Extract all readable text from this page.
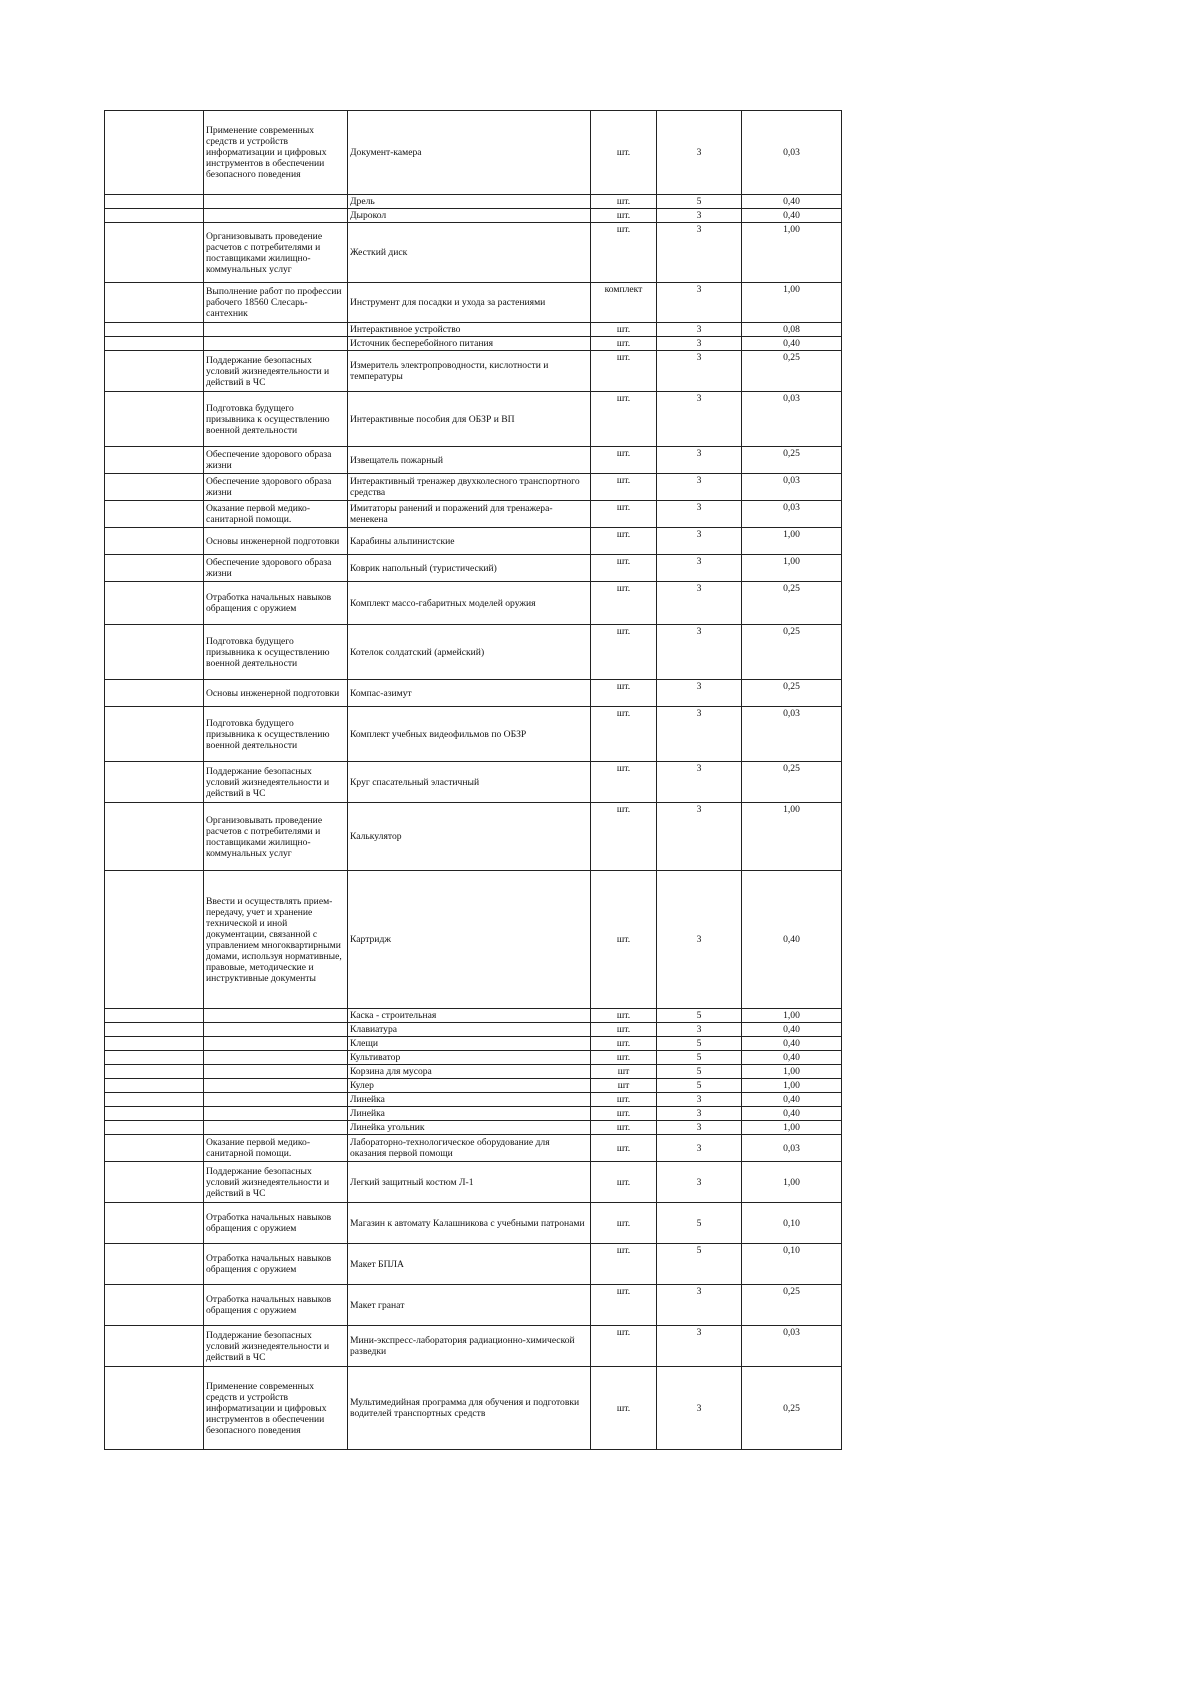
	Применение современных средств и устройств информатизации и цифровых инструментов в обеспечении безопасного поведения	Документ-камера	шт.	3	0,03
		Дрель	шт.	5	0,40
		Дырокол	шт.	3	0,40
	Организовывать проведение расчетов с потребителями и поставщиками жилищно-коммунальных услуг	Жесткий диск	шт.	3	1,00
	Выполнение работ по профессии рабочего 18560 Слесарь-сантехник	Инструмент для посадки и ухода за растениями	комплект	3	1,00
		Интерактивное устройство	шт.	3	0,08
		Источник бесперебойного питания	шт.	3	0,40
	Поддержание безопасных условий жизнедеятельности и действий в ЧС	Измеритель электропроводности, кислотности и температуры	шт.	3	0,25
	Подготовка будущего призывника к осуществлению военной деятельности	Интерактивные пособия для ОБЗР и ВП	шт.	3	0,03
	Обеспечение здорового образа жизни	Извещатель пожарный	шт.	3	0,25
	Обеспечение здорового образа жизни	Интерактивный тренажер двухколесного транспортного средства	шт.	3	0,03
	Оказание первой медико-санитарной помощи.	Имитаторы ранений и поражений для тренажера-менекена	шт.	3	0,03
	Основы инженерной подготовки	Карабины альпинистские	шт.	3	1,00
	Обеспечение здорового образа жизни	Коврик напольный (туристический)	шт.	3	1,00
	Отработка начальных навыков обращения с оружием	Комплект массо-габаритных моделей оружия	шт.	3	0,25
	Подготовка будущего призывника к осуществлению военной деятельности	Котелок солдатский (армейский)	шт.	3	0,25
	Основы инженерной подготовки	Компас-азимут	шт.	3	0,25
	Подготовка будущего призывника к осуществлению военной деятельности	Комплект учебных видеофильмов по ОБЗР	шт.	3	0,03
	Поддержание безопасных условий жизнедеятельности и действий в ЧС	Круг спасательный эластичный	шт.	3	0,25
	Организовывать проведение расчетов с потребителями и поставщиками жилищно-коммунальных услуг	Калькулятор	шт.	3	1,00
	Ввести и осуществлять прием-передачу, учет и хранение технической и иной документации, связанной с управлением многоквартирными домами, используя нормативные, правовые, методические и инструктивные документы	Картридж	шт.	3	0,40
		Каска - строительная	шт.	5	1,00
		Клавиатура	шт.	3	0,40
		Клещи	шт.	5	0,40
		Культиватор	шт.	5	0,40
		Корзина для мусора	шт	5	1,00
		Кулер	шт	5	1,00
		Линейка	шт.	3	0,40
		Линейка	шт.	3	0,40
		Линейка угольник	шт.	3	1,00
	Оказание первой медико-санитарной помощи.	Лабораторно-технологическое оборудование для оказания первой помощи	шт.	3	0,03
	Поддержание безопасных условий жизнедеятельности и действий в ЧС	Легкий защитный костюм Л-1	шт.	3	1,00
	Отработка начальных навыков обращения с оружием	Магазин к автомату Калашникова с учебными патронами	шт.	5	0,10
	Отработка начальных навыков обращения с оружием	Макет БПЛА	шт.	5	0,10
	Отработка начальных навыков обращения с оружием	Макет гранат	шт.	3	0,25
	Поддержание безопасных условий жизнедеятельности и действий в ЧС	Мини-экспресс-лаборатория радиационно-химической разведки	шт.	3	0,03
	Применение современных средств и устройств информатизации и цифровых инструментов в обеспечении безопасного поведения	Мультимедийная программа для обучения и подготовки водителей транспортных средств	шт.	3	0,25
